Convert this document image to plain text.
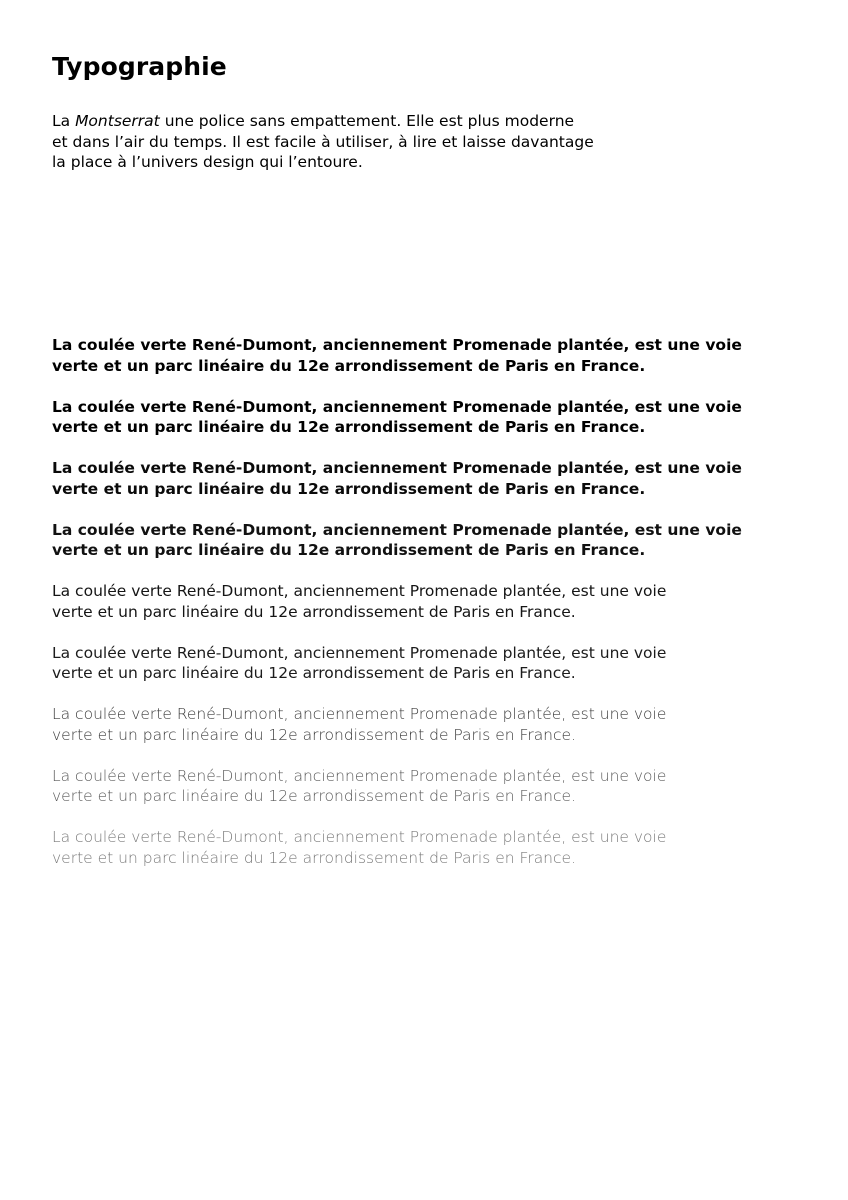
Typographie

La Montserrat une police sans empattement. Elle est plus moderne

et dans l’air du temps. Il est facile à utiliser, à lire et laisse davantage

la place à l’univers design qui l’entoure.

La coulée verte René-Dumont, anciennement Promenade plantée, est une voie
verte et un parc linéaire du 12e arrondissement de Paris en France.
La coulée verte René-Dumont, anciennement Promenade plantée, est une voie
verte et un parc linéaire du 12e arrondissement de Paris en France.
La coulée verte René-Dumont, anciennement Promenade plantée, est une voie
verte et un parc linéaire du 12e arrondissement de Paris en France.
La coulée verte René-Dumont, anciennement Promenade plantée, est une voie
verte et un parc linéaire du 12e arrondissement de Paris en France.
La coulée verte René-Dumont, anciennement Promenade plantée, est une voie
verte et un parc linéaire du 12e arrondissement de Paris en France.
La coulée verte René-Dumont, anciennement Promenade plantée, est une voie
verte et un parc linéaire du 12e arrondissement de Paris en France.
La coulée verte René-Dumont, anciennement Promenade plantée, est une voie
verte et un parc linéaire du 12e arrondissement de Paris en France.
La coulée verte René-Dumont, anciennement Promenade plantée, est une voie
verte et un parc linéaire du 12e arrondissement de Paris en France.
La coulée verte René-Dumont, anciennement Promenade plantée, est une voie
verte et un parc linéaire du 12e arrondissement de Paris en France.
